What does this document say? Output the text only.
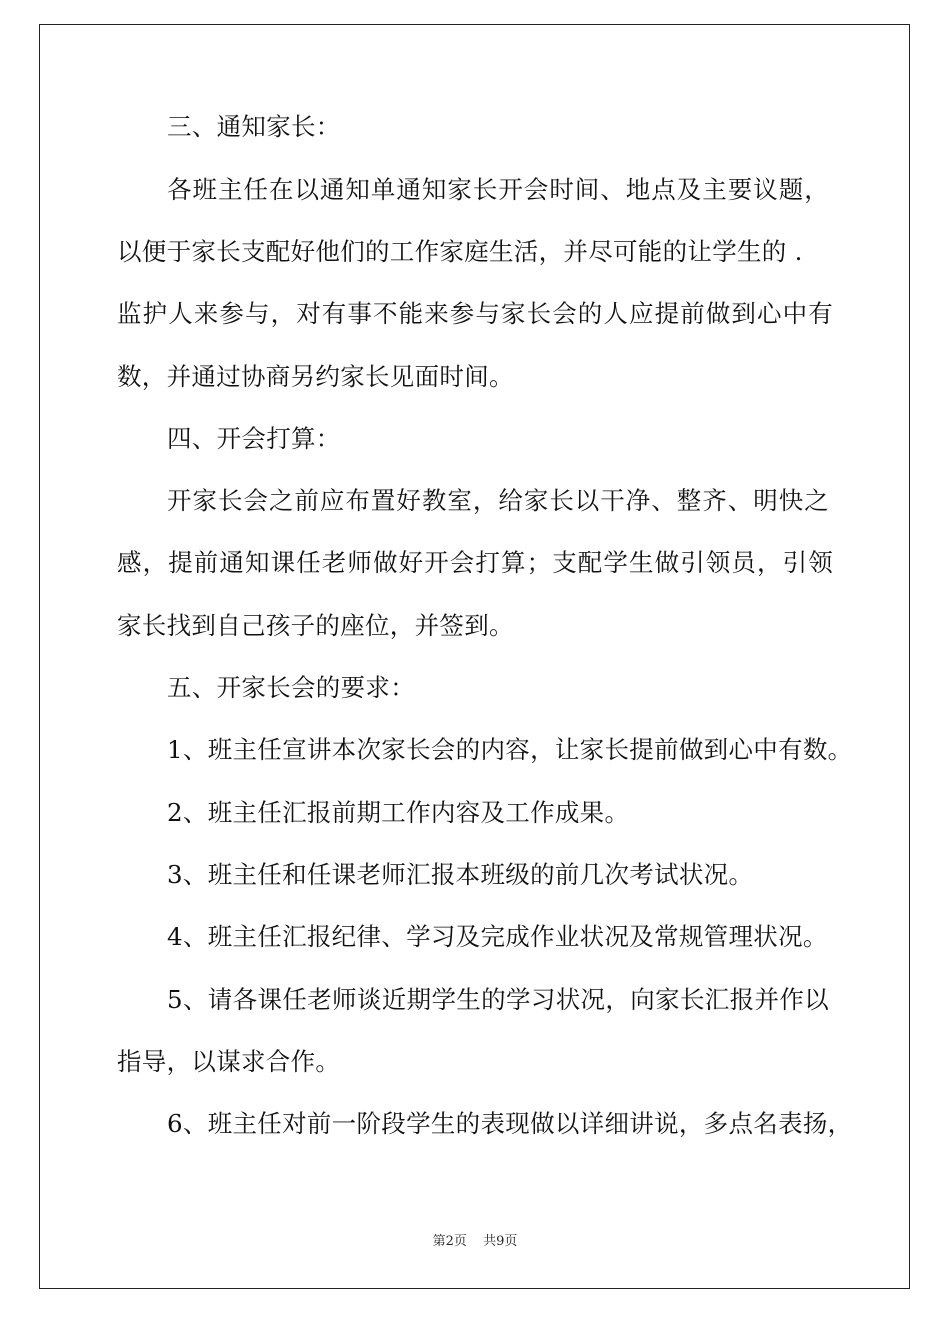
三、通知家长：
各班主任在以通知单通知家长开会时间、地点及主要议题，
以便于家长支配好他们的工作家庭生活，并尽可能的让学生的 .
监护人来参与，对有事不能来参与家长会的人应提前做到心中有
数，并通过协商另约家长见面时间。
四、开会打算：
开家长会之前应布置好教室，给家长以干净、整齐、明快之
感，提前通知课任老师做好开会打算；支配学生做引领员，引领
家长找到自己孩子的座位，并签到。
五、开家长会的要求：
1、班主任宣讲本次家长会的内容，让家长提前做到心中有数。
2、班主任汇报前期工作内容及工作成果。
3、班主任和任课老师汇报本班级的前几次考试状况。
4、班主任汇报纪律、学习及完成作业状况及常规管理状况。
5、请各课任老师谈近期学生的学习状况，向家长汇报并作以
指导，以谋求合作。
6、班主任对前一阶段学生的表现做以详细讲说，多点名表扬，
第2页 共9页
